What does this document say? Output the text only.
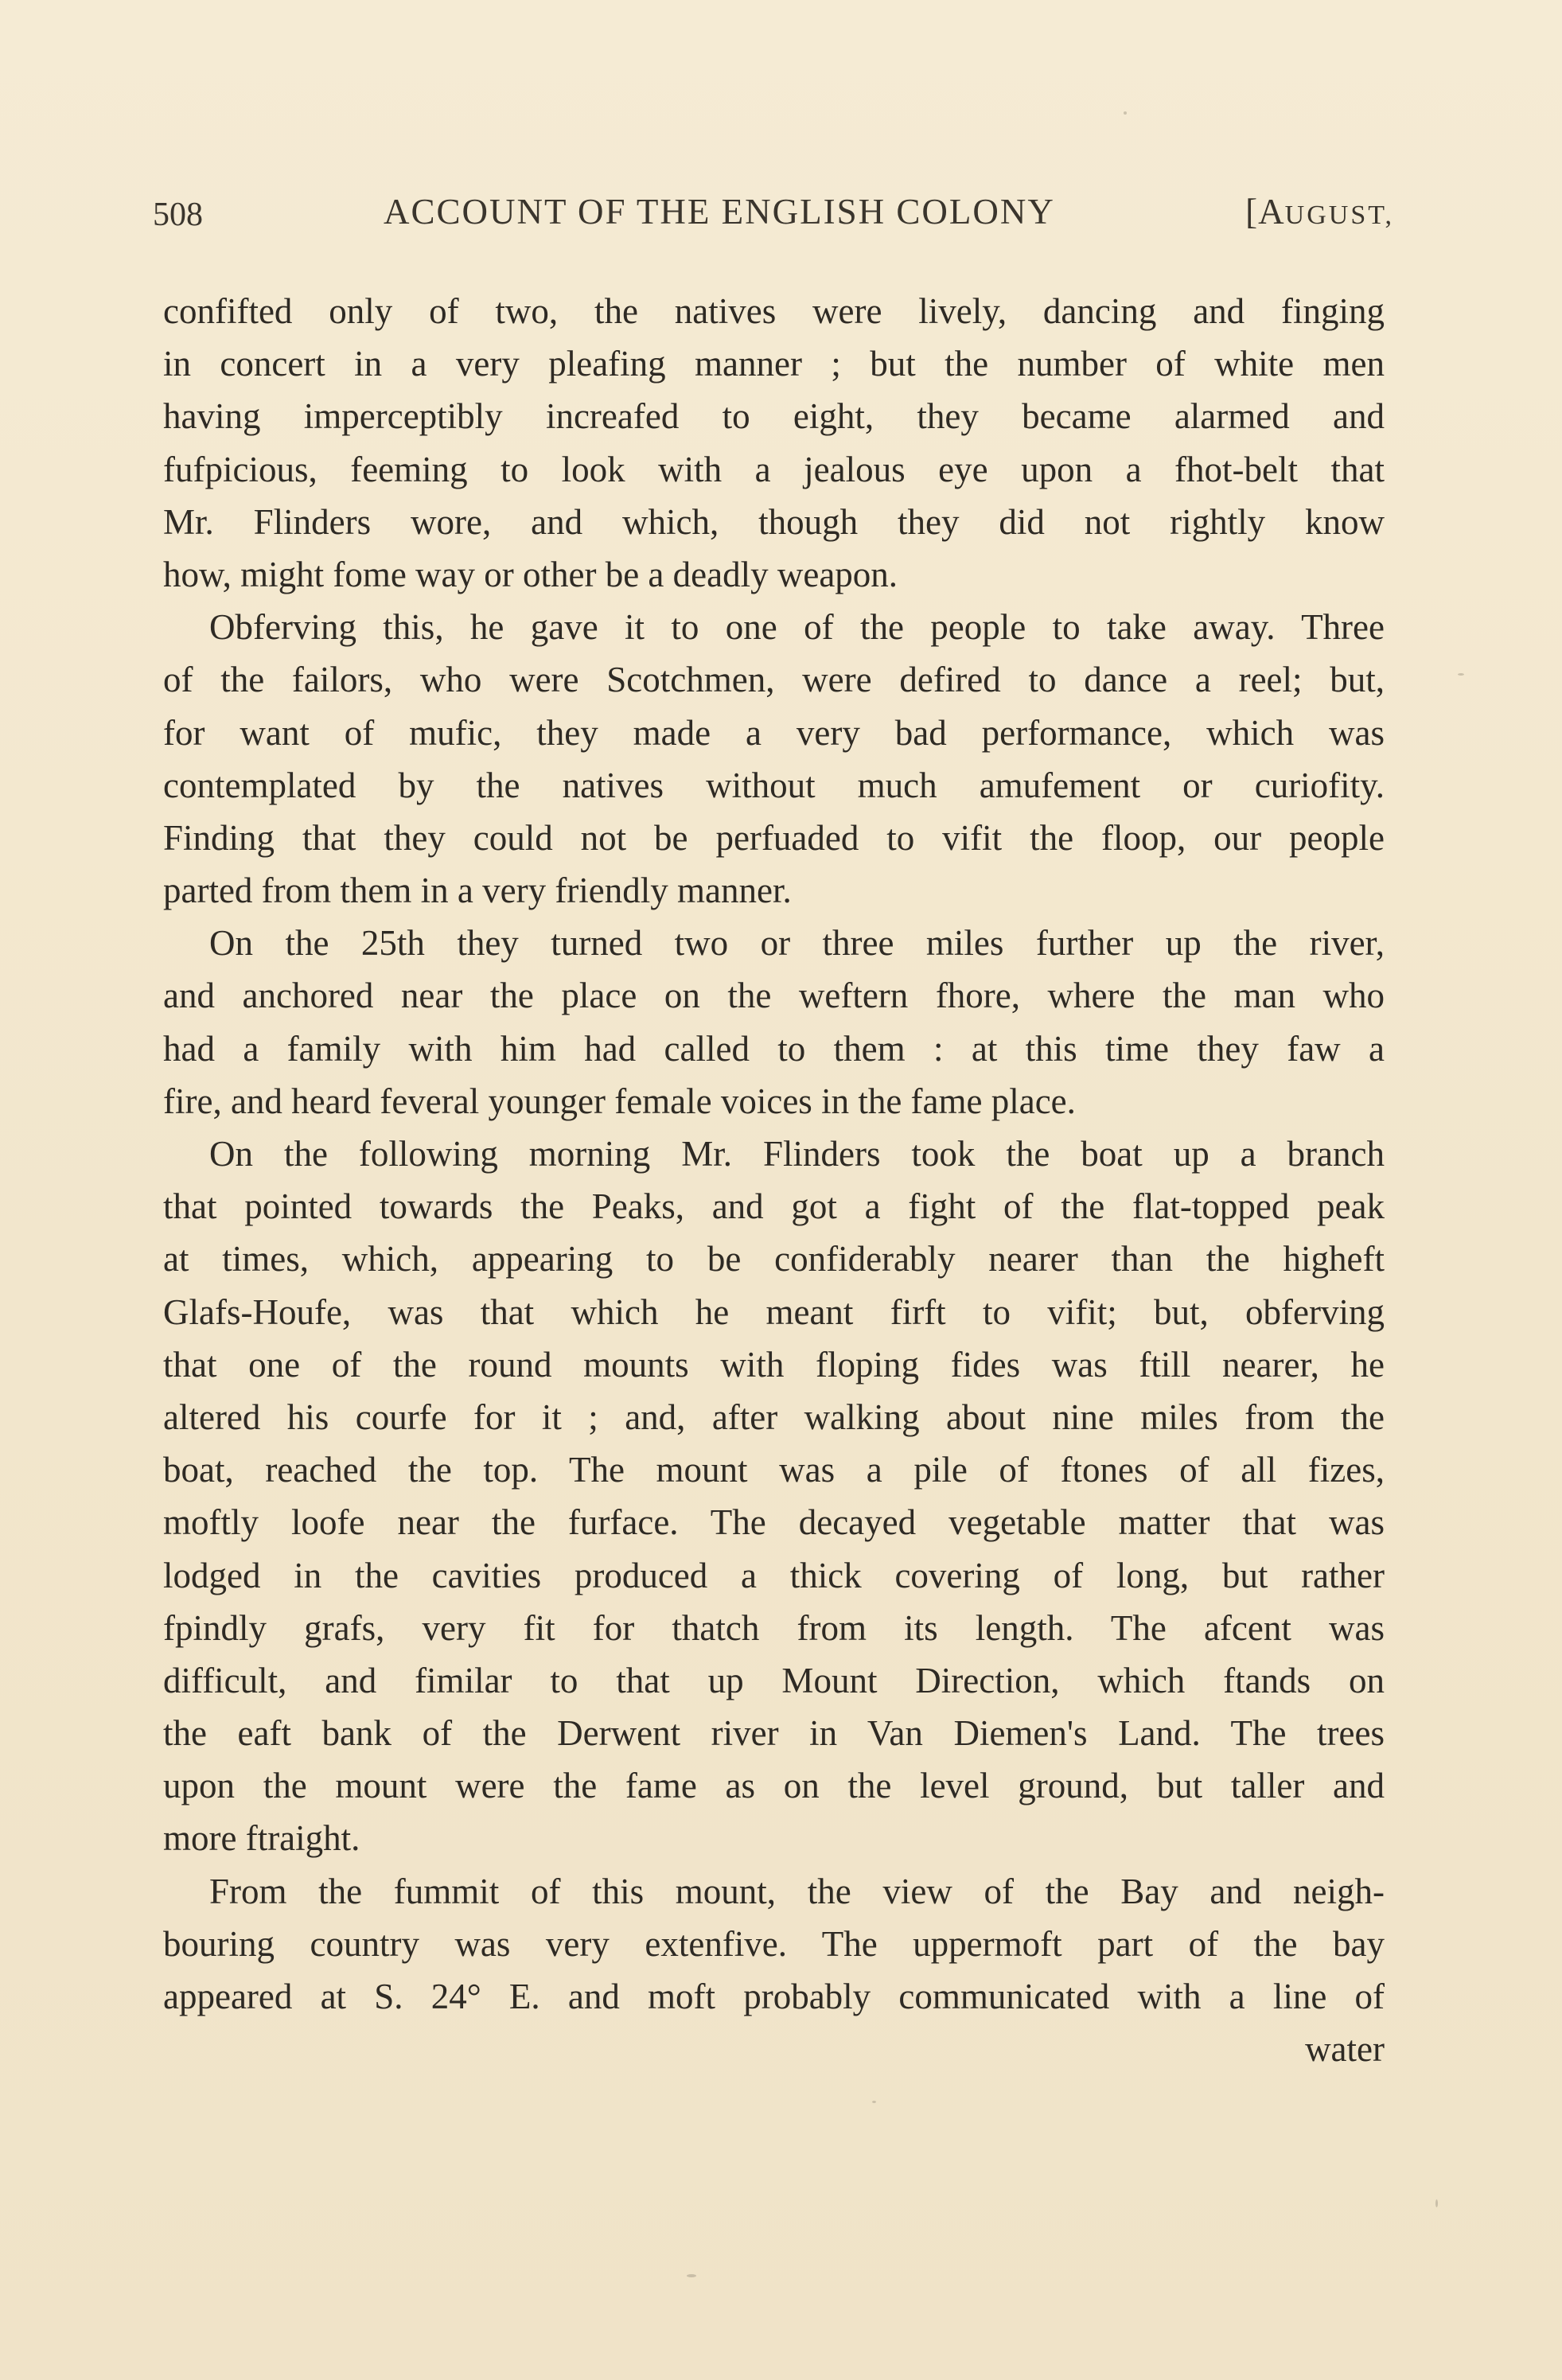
508	ACCOUNT OF THE ENGLISH COLONY	[AUGUST,
confifted only of two, the natives were lively, dancing and finging
in concert in a very pleafing manner ; but the number of white men
having imperceptibly increafed to eight, they became alarmed and
fufpicious, feeming to look with a jealous eye upon a fhot-belt that
Mr. Flinders wore, and which, though they did not rightly know
how, might fome way or other be a deadly weapon.
Obferving this, he gave it to one of the people to take away. Three
of the failors, who were Scotchmen, were defired to dance a reel; but,
for want of mufic, they made a very bad performance, which was
contemplated by the natives without much amufement or curiofity.
Finding that they could not be perfuaded to vifit the floop, our people
parted from them in a very friendly manner.
On the 25th they turned two or three miles further up the river,
and anchored near the place on the weftern fhore, where the man who
had a family with him had called to them : at this time they faw a
fire, and heard feveral younger female voices in the fame place.
On the following morning Mr. Flinders took the boat up a branch
that pointed towards the Peaks, and got a fight of the flat-topped peak
at times, which, appearing to be confiderably nearer than the higheft
Glafs-Houfe, was that which he meant firft to vifit; but, obferving
that one of the round mounts with floping fides was ftill nearer, he
altered his courfe for it ; and, after walking about nine miles from the
boat, reached the top. The mount was a pile of ftones of all fizes,
moftly loofe near the furface. The decayed vegetable matter that was
lodged in the cavities produced a thick covering of long, but rather
fpindly grafs, very fit for thatch from its length. The afcent was
difficult, and fimilar to that up Mount Direction, which ftands on
the eaft bank of the Derwent river in Van Diemen's Land. The trees
upon the mount were the fame as on the level ground, but taller and
more ftraight.
From the fummit of this mount, the view of the Bay and neigh-
bouring country was very extenfive. The uppermoft part of the bay
appeared at S. 24° E. and moft probably communicated with a line of
water
